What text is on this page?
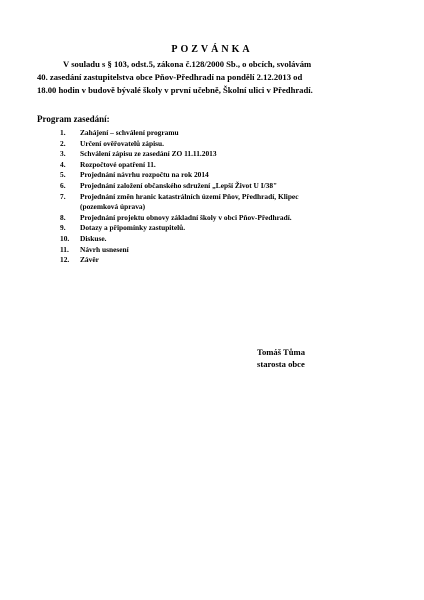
POZVÁNKA
V souladu s § 103, odst.5, zákona č.128/2000 Sb., o obcích, svolávám
40. zasedání zastupitelstva obce Pňov-Předhradí na pondělí 2.12.2013 od
18.00 hodin v budově bývalé školy v první učebně, Školní ulici v Předhradí.
Program zasedání:
1.	Zahájení – schválení programu
2.	Určení ověřovatelů zápisu.
3.	Schválení zápisu ze zasedání ZO 11.11.2013
4.	Rozpočtové opatření 11.
5.	Projednání návrhu rozpočtu na rok 2014
6.	Projednání založení občanského sdružení „Lepší Život U I/38"
7.	Projednání změn hranic katastrálních území Pňov, Předhradí, Klipec
(pozemková úprava)
8.	Projednání projektu obnovy základní školy v obci Pňov-Předhradí.
9.	Dotazy a připomínky zastupitelů.
10.	Diskuse.
11.	Návrh usnesení
12.	Závěr
Tomáš Tůma
starosta obce
